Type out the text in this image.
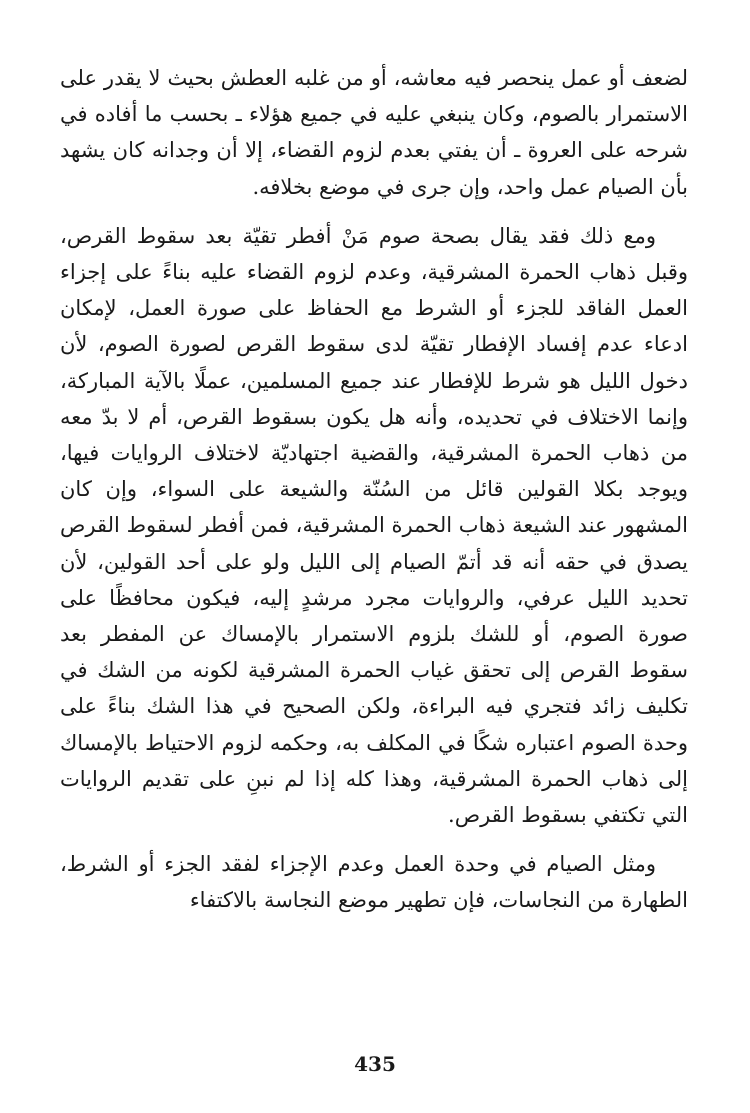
لضعف أو عمل ينحصر فيه معاشه، أو من غلبه العطش بحيث لا يقدر على الاستمرار بالصوم، وكان ينبغي عليه في جميع هؤلاء ـ بحسب ما أفاده في شرحه على العروة ـ أن يفتي بعدم لزوم القضاء، إلا أن وجدانه كان يشهد بأن الصيام عمل واحد، وإن جرى في موضع بخلافه.

ومع ذلك فقد يقال بصحة صوم مَنْ أفطر تقيّة بعد سقوط القرص، وقبل ذهاب الحمرة المشرقية، وعدم لزوم القضاء عليه بناءً على إجزاء العمل الفاقد للجزء أو الشرط مع الحفاظ على صورة العمل، لإمكان ادعاء عدم إفساد الإفطار تقيّة لدى سقوط القرص لصورة الصوم، لأن دخول الليل هو شرط للإفطار عند جميع المسلمين، عملًا بالآية المباركة، وإنما الاختلاف في تحديده، وأنه هل يكون بسقوط القرص، أم لا بدّ معه من ذهاب الحمرة المشرقية، والقضية اجتهاديّة لاختلاف الروايات فيها، ويوجد بكلا القولين قائل من السُنّة والشيعة على السواء، وإن كان المشهور عند الشيعة ذهاب الحمرة المشرقية، فمن أفطر لسقوط القرص يصدق في حقه أنه قد أتمّ الصيام إلى الليل ولو على أحد القولين، لأن تحديد الليل عرفي، والروايات مجرد مرشدٍ إليه، فيكون محافظًا على صورة الصوم، أو للشك بلزوم الاستمرار بالإمساك عن المفطر بعد سقوط القرص إلى تحقق غياب الحمرة المشرقية لكونه من الشك في تكليف زائد فتجري فيه البراءة، ولكن الصحيح في هذا الشك بناءً على وحدة الصوم اعتباره شكًا في المكلف به، وحكمه لزوم الاحتياط بالإمساك إلى ذهاب الحمرة المشرقية، وهذا كله إذا لم نبنِ على تقديم الروايات التي تكتفي بسقوط القرص.

ومثل الصيام في وحدة العمل وعدم الإجزاء لفقد الجزء أو الشرط، الطهارة من النجاسات، فإن تطهير موضع النجاسة بالاكتفاء

435
